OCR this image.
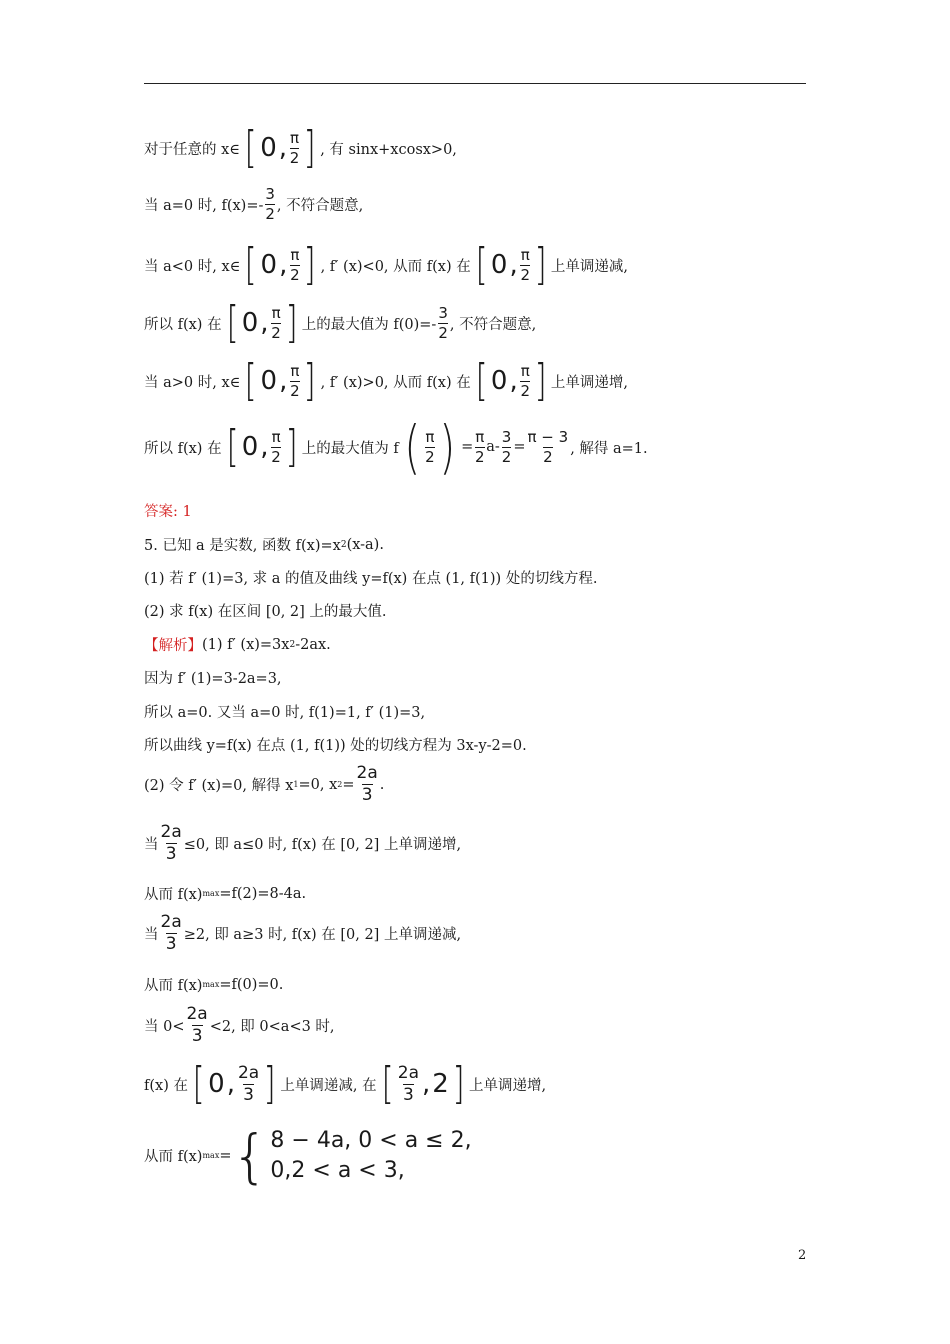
对于任意的 x∈ [ 0 , $\frac{\pi}{2}$ ] , 有 sinx+xcosx>0,
当 a=0 时, $f(x)=- \frac{3}{2}$ , 不符合题意,
当 a<0 时, x∈ [ 0 , $\frac{\pi}{2}$ ] , f′ (x)<0, 从而 f(x) 在 [ 0 , $\frac{\pi}{2}$ ] 上单调递减,
所以 f(x) 在 [ 0 , $\frac{\pi}{2}$ ] 上的最大值为 $f(0)=- \frac{3}{2}$ , 不符合题意,
当 a>0 时, x∈ [ 0 , $\frac{\pi}{2}$ ] , f′ (x)>0, 从而 f(x) 在 [ 0 , $\frac{\pi}{2}$ ] 上单调递增,
所以 f(x) 在 [ 0 , $\frac{\pi}{2}$ ] 上的最大值为 f ( $\frac{\pi}{2}$ ) = $\frac{\pi}{2} a- \frac{3}{2} = \frac{\pi - 3}{2}$ , 解得 a=1.
答案: 1
5. 已知 a 是实数, 函数 f(x)=x 2 (x-a).
(1) 若 f′ (1)=3, 求 a 的值及曲线 y=f(x) 在点 (1, f(1)) 处的切线方程.
(2) 求 f(x) 在区间 [0, 2] 上的最大值.
【解析】 (1) f′ (x)=3x 2 -2ax.
因为 f′ (1)=3-2a=3,
所以 a=0. 又当 a=0 时, f(1)=1, f′ (1)=3,
所以曲线 y=f(x) 在点 (1, f(1)) 处的切线方程为 3x-y-2=0.
(2) 令 f′ (x)=0, 解得 x 1 =0, x $2 = \frac{2a}{3}$ .
当 $\frac{2a}{3} \le 0$, 即 a≤0 时, f(x) 在 [0, 2] 上单调递增,
从而 f(x) max =f(2)=8-4a.
当 $\frac{2a}{3} \ge 2$, 即 a≥3 时, f(x) 在 [0, 2] 上单调递减,
从而 f(x) max =f(0)=0.
当 $0< \frac{2a}{3} <2$, 即 0<a<3 时,
f(x) 在 [ 0 , $\frac{2a}{3}$ ] 上单调递减, 在 [ $\frac{2a}{3}$ , 2 ] 上单调递增,
从而 f(x) max = { 8 − 4a, 0 < a ≤ 2,
0,2 < a < 3,
2
